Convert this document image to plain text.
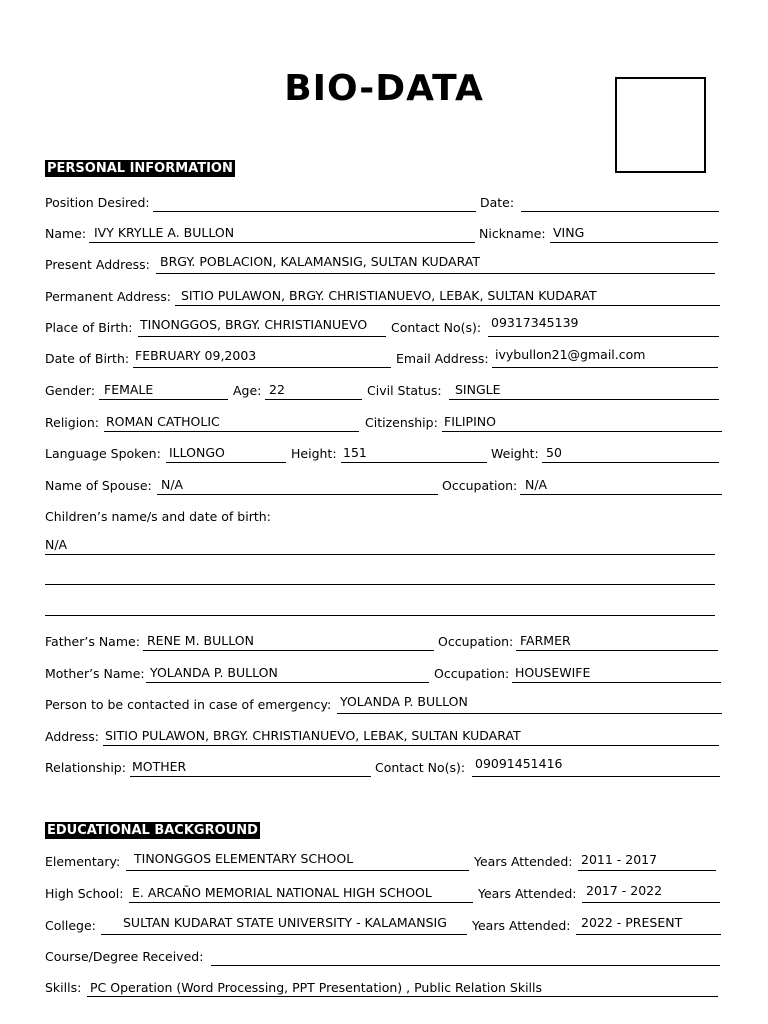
BIO-DATA
PERSONAL INFORMATION
Position Desired:	Date:
Name: IVY KRYLLE A. BULLON	Nickname: VING
Present Address: BRGY. POBLACION, KALAMANSIG, SULTAN KUDARAT
Permanent Address: SITIO PULAWON, BRGY. CHRISTIANUEVO, LEBAK, SULTAN KUDARAT
Place of Birth: TINONGGOS, BRGY. CHRISTIANUEVO Contact No(s): 09317345139
Date of Birth: FEBRUARY 09,2003	Email Address: ivybullon21@gmail.com
Gender: FEMALE	Age: 22	Civil Status: SINGLE
Religion: ROMAN CATHOLIC	Citizenship: FILIPINO
Language Spoken: ILLONGO	Height: 151	Weight: 50
Name of Spouse: N/A	Occupation: N/A
Children’s name/s and date of birth:
N/A
Father’s Name: RENE M. BULLON	Occupation: FARMER
Mother’s Name: YOLANDA P. BULLON	Occupation: HOUSEWIFE
Person to be contacted in case of emergency: YOLANDA P. BULLON
Address: SITIO PULAWON, BRGY. CHRISTIANUEVO, LEBAK, SULTAN KUDARAT
Relationship: MOTHER	Contact No(s): 09091451416
EDUCATIONAL BACKGROUND
Elementary: TINONGGOS ELEMENTARY SCHOOL	Years Attended: 2011 - 2017
High School: E. ARCAÑO MEMORIAL NATIONAL HIGH SCHOOL	Years Attended: 2017 - 2022
College: SULTAN KUDARAT STATE UNIVERSITY - KALAMANSIG Years Attended: 2022 - PRESENT
Course/Degree Received:
Skills: PC Operation (Word Processing, PPT Presentation) , Public Relation Skills
